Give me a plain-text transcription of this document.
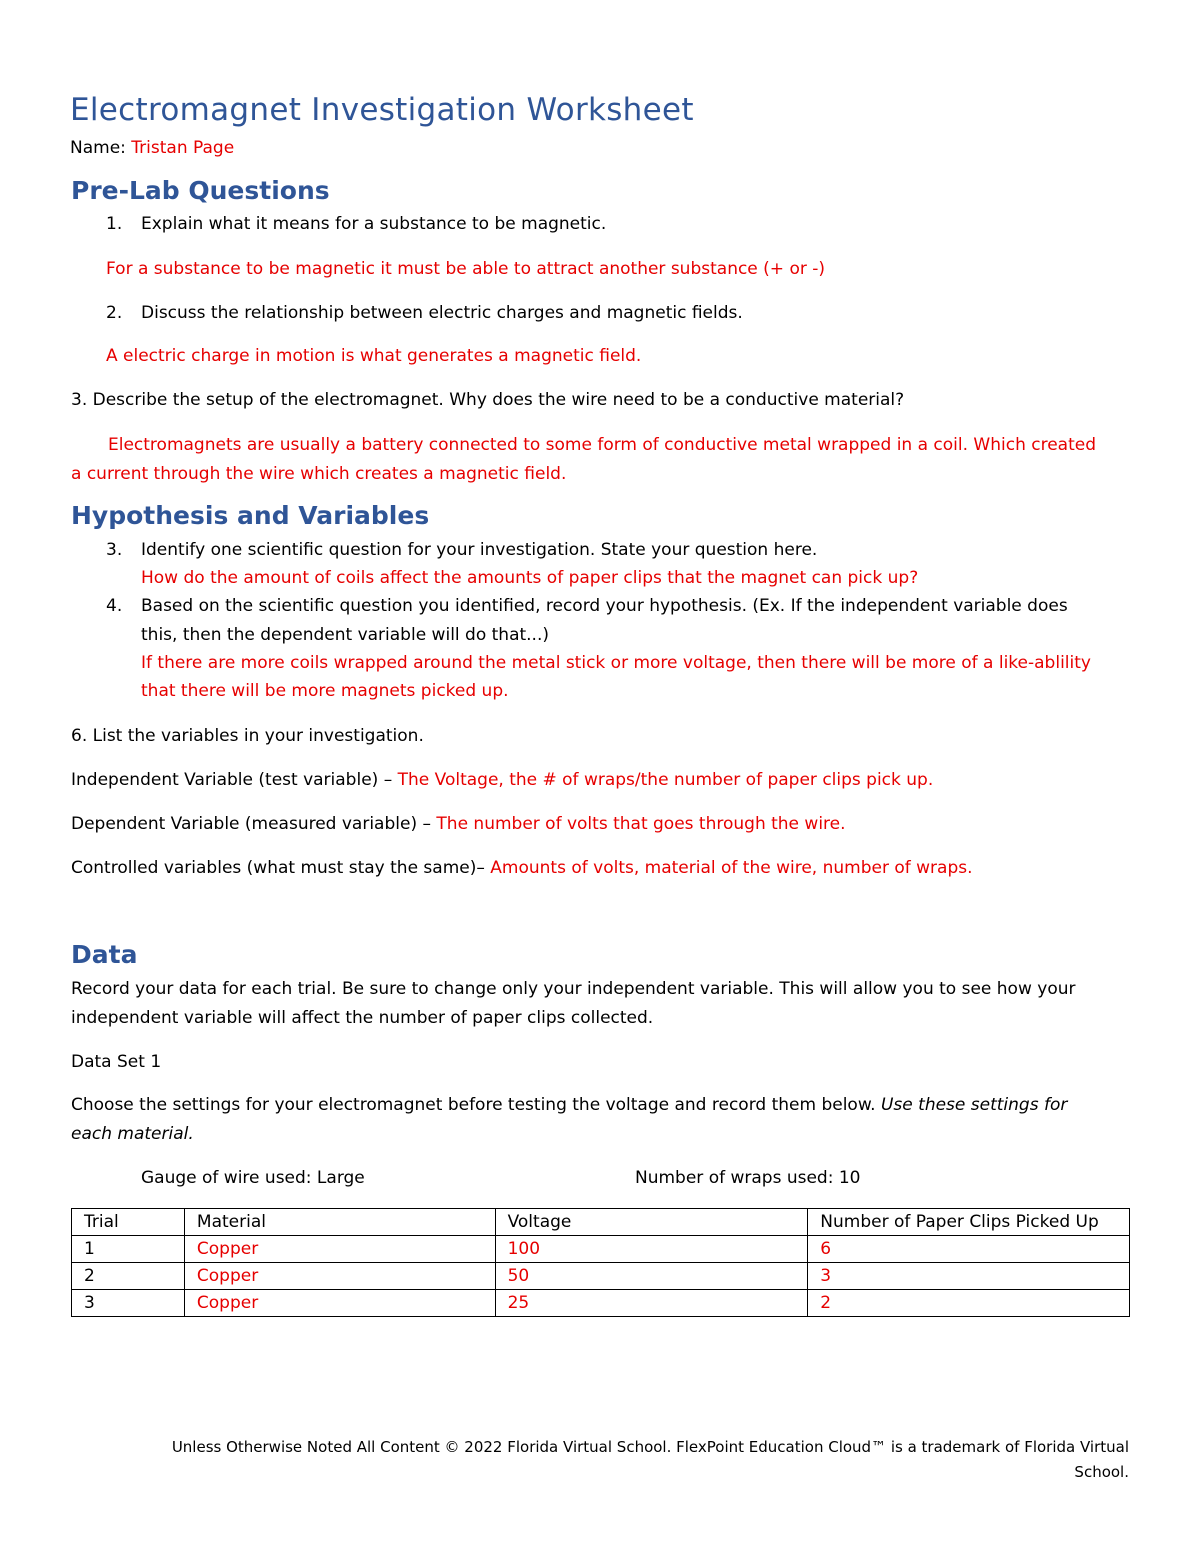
Electromagnet Investigation Worksheet
Name: Tristan Page
Pre-Lab Questions
1. Explain what it means for a substance to be magnetic.
For a substance to be magnetic it must be able to attract another substance (+ or -)
2. Discuss the relationship between electric charges and magnetic fields.
A electric charge in motion is what generates a magnetic field.
3. Describe the setup of the electromagnet. Why does the wire need to be a conductive material?
Electromagnets are usually a battery connected to some form of conductive metal wrapped in a coil. Which created
a current through the wire which creates a magnetic field.
Hypothesis and Variables
3. Identify one scientific question for your investigation. State your question here.
How do the amount of coils affect the amounts of paper clips that the magnet can pick up?
4. Based on the scientific question you identified, record your hypothesis. (Ex. If the independent variable does
this, then the dependent variable will do that...)
If there are more coils wrapped around the metal stick or more voltage, then there will be more of a like-ablility
that there will be more magnets picked up.
6. List the variables in your investigation.
Independent Variable (test variable) – The Voltage, the # of wraps/the number of paper clips pick up.
Dependent Variable (measured variable) – The number of volts that goes through the wire.
Controlled variables (what must stay the same)– Amounts of volts, material of the wire, number of wraps.
Data
Record your data for each trial. Be sure to change only your independent variable. This will allow you to see how your
independent variable will affect the number of paper clips collected.
Data Set 1
Choose the settings for your electromagnet before testing the voltage and record them below. Use these settings for
each material.
Gauge of wire used: Large	Number of wraps used: 10
Trial	Material	Voltage	Number of Paper Clips Picked Up
1	Copper	100	6
2	Copper	50	3
3	Copper	25	2
Unless Otherwise Noted All Content © 2022 Florida Virtual School. FlexPoint Education Cloud™ is a trademark of Florida Virtual
School.
